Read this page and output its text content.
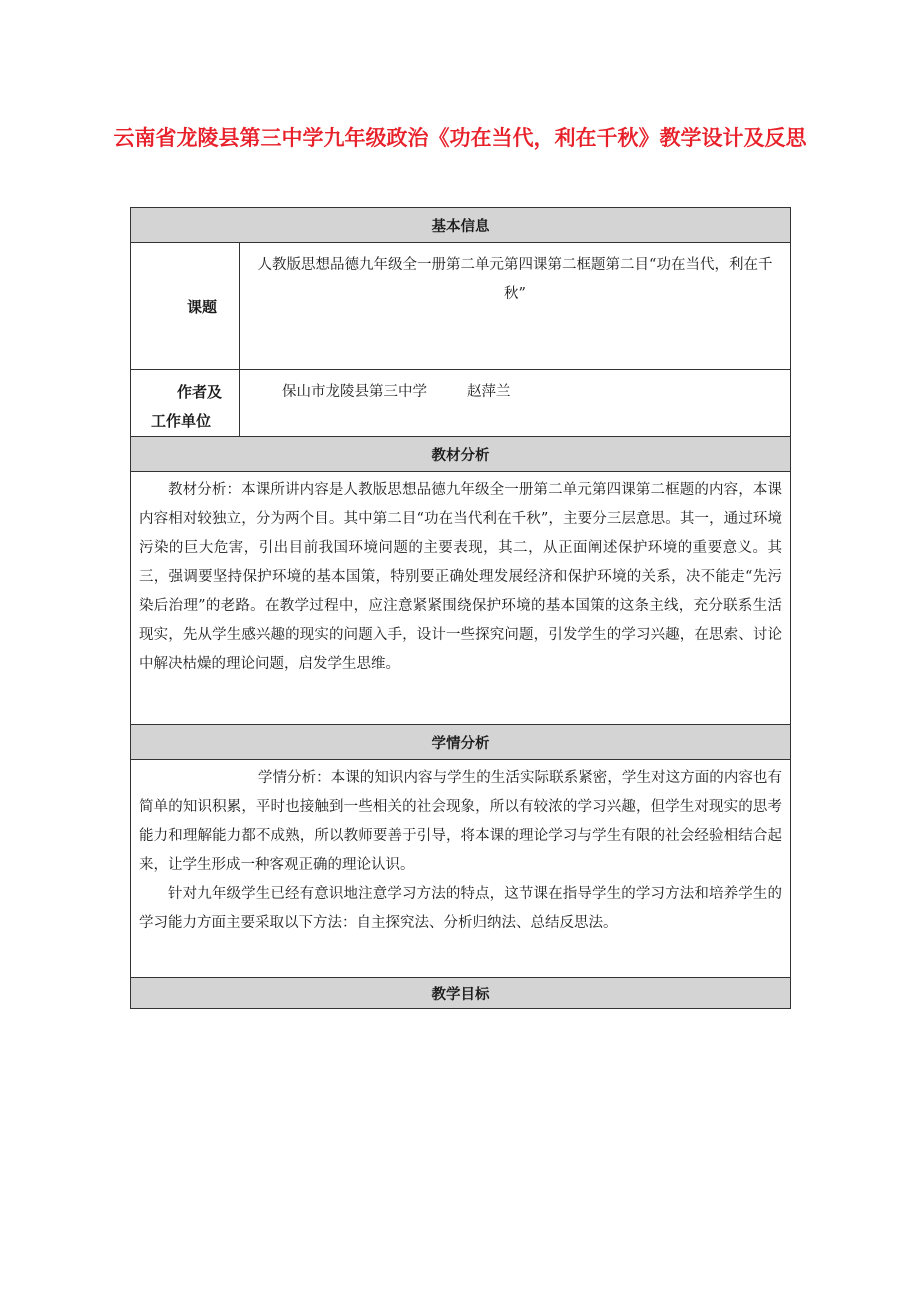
云南省龙陵县第三中学九年级政治《功在当代，利在千秋》教学设计及反思
基本信息	
课题	人教版思想品德九年级全一册第二单元第四课第二框题第二目“功在当代，利在千秋”

作者及
工作单位	保山市龙陵县第三中学 赵萍兰
教材分析	

教材分析：本课所讲内容是人教版思想品德九年级全一册第二单元第四课第二框题的内容，本课内容相对较独立，分为两个目。其中第二目“功在当代利在千秋”，主要分三层意思。其一，通过环境污染的巨大危害，引出目前我国环境问题的主要表现，其二，从正面阐述保护环境的重要意义。其三，强调要坚持保护环境的基本国策，特别要正确处理发展经济和保护环境的关系，决不能走“先污染后治理”的老路。在教学过程中，应注意紧紧围绕保护环境的基本国策的这条主线，充分联系生活现实，先从学生感兴趣的现实的问题入手，设计一些探究问题，引发学生的学习兴趣，在思索、讨论中解决枯燥的理论问题，启发学生思维。	

学情分析	

学情分析：本课的知识内容与学生的生活实际联系紧密，学生对这方面的内容也有简单的知识积累，平时也接触到一些相关的社会现象，所以有较浓的学习兴趣，但学生对现实的思考能力和理解能力都不成熟，所以教师要善于引导，将本课的理论学习与学生有限的社会经验相结合起来，让学生形成一种客观正确的理论认识。

针对九年级学生已经有意识地注意学习方法的特点，这节课在指导学生的学习方法和培养学生的学习能力方面主要采取以下方法：自主探究法、分析归纳法、总结反思法。	

教学目标	
